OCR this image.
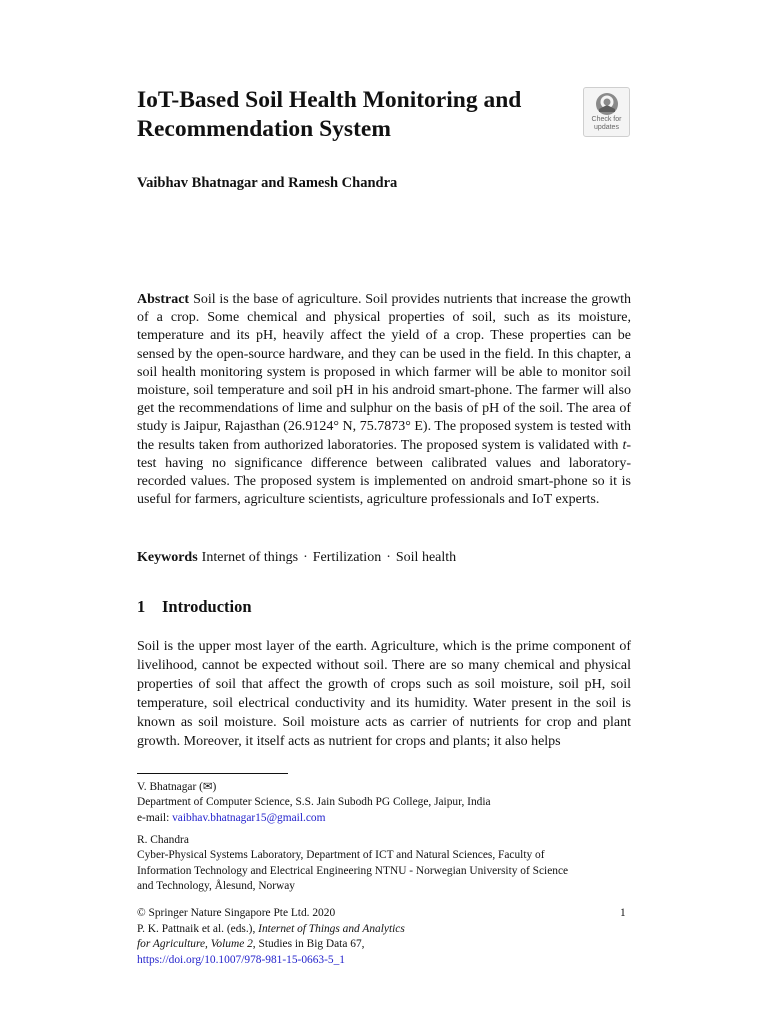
IoT-Based Soil Health Monitoring and Recommendation System	Check for updates

Vaibhav Bhatnagar and Ramesh Chandra

Abstract Soil is the base of agriculture. Soil provides nutrients that increase the growth of a crop. Some chemical and physical properties of soil, such as its moisture, temperature and its pH, heavily affect the yield of a crop. These properties can be sensed by the open-source hardware, and they can be used in the field. In this chapter, a soil health monitoring system is proposed in which farmer will be able to monitor soil moisture, soil temperature and soil pH in his android smart-phone. The farmer will also get the recommendations of lime and sulphur on the basis of pH of the soil. The area of study is Jaipur, Rajasthan (26.9124° N, 75.7873° E). The proposed system is tested with the results taken from authorized laboratories. The proposed system is validated with t-test having no significance difference between calibrated values and laboratory-recorded values. The proposed system is implemented on android smart-phone so it is useful for farmers, agriculture scientists, agriculture professionals and IoT experts.

Keywords Internet of things · Fertilization · Soil health

1 Introduction

Soil is the upper most layer of the earth. Agriculture, which is the prime component of livelihood, cannot be expected without soil. There are so many chemical and physical properties of soil that affect the growth of crops such as soil moisture, soil pH, soil temperature, soil electrical conductivity and its humidity. Water present in the soil is known as soil moisture. Soil moisture acts as carrier of nutrients for crop and plant growth. Moreover, it itself acts as nutrient for crops and plants; it also helps

V. Bhatnagar (✉)
Department of Computer Science, S.S. Jain Subodh PG College, Jaipur, India
e-mail: vaibhav.bhatnagar15@gmail.com

R. Chandra
Cyber-Physical Systems Laboratory, Department of ICT and Natural Sciences, Faculty of
Information Technology and Electrical Engineering NTNU - Norwegian University of Science
and Technology, Ålesund, Norway

© Springer Nature Singapore Pte Ltd. 2020
P. K. Pattnaik et al. (eds.), Internet of Things and Analytics
for Agriculture, Volume 2, Studies in Big Data 67,
https://doi.org/10.1007/978-981-15-0663-5_1

1
